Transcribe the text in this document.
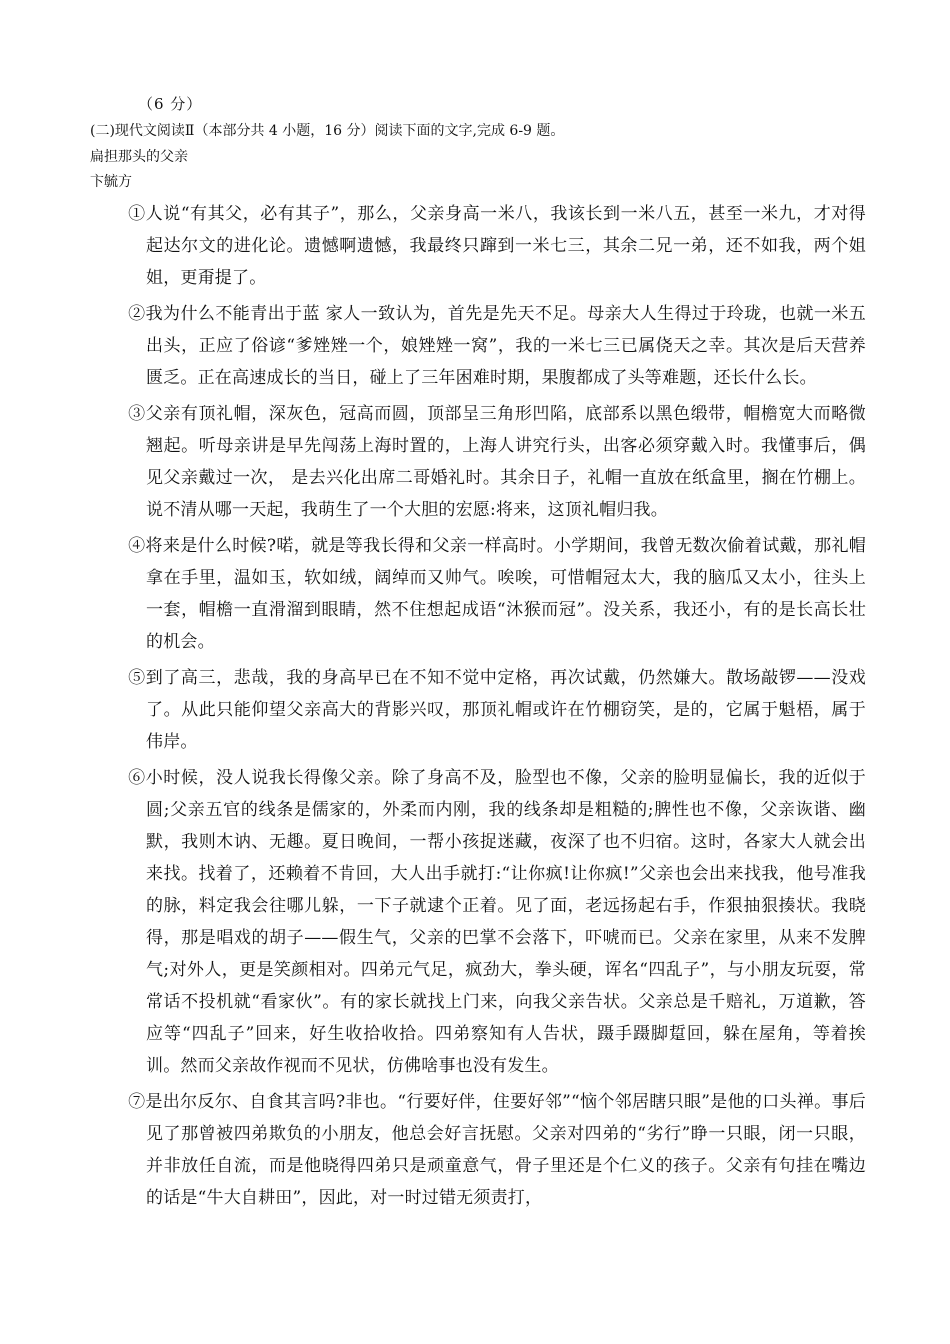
（6 分）
(二)现代文阅读Ⅱ（本部分共 4 小题，16 分）阅读下面的文字,完成 6-9 题。
扁担那头的父亲
卞毓方

①人说“有其父，必有其子”，那么，父亲身高一米八，我该长到一米八五，甚至一米九，才对得起达尔文的进化论。遗憾啊遗憾，我最终只蹿到一米七三，其余二兄一弟，还不如我，两个姐姐，更甭提了。

②我为什么不能青出于蓝 家人一致认为，首先是先天不足。母亲大人生得过于玲珑，也就一米五出头，正应了俗谚“爹矬矬一个，娘矬矬一窝”，我的一米七三已属侥天之幸。其次是后天营养匮乏。正在高速成长的当日，碰上了三年困难时期，果腹都成了头等难题，还长什么长。

③父亲有顶礼帽，深灰色，冠高而圆，顶部呈三角形凹陷，底部系以黑色缎带，帽檐宽大而略微翘起。听母亲讲是早先闯荡上海时置的，上海人讲究行头，出客必须穿戴入时。我懂事后，偶见父亲戴过一次， 是去兴化出席二哥婚礼时。其余日子，礼帽一直放在纸盒里，搁在竹棚上。说不清从哪一天起，我萌生了一个大胆的宏愿:将来，这顶礼帽归我。

④将来是什么时候?喏，就是等我长得和父亲一样高时。小学期间，我曾无数次偷着试戴，那礼帽拿在手里，温如玉，软如绒，阔绰而又帅气。唉唉，可惜帽冠太大，我的脑瓜又太小，往头上一套，帽檐一直滑溜到眼睛，然不住想起成语“沐猴而冠”。没关系，我还小，有的是长高长壮的机会。

⑤到了高三，悲哉，我的身高早已在不知不觉中定格，再次试戴，仍然嫌大。散场敲锣——没戏了。从此只能仰望父亲高大的背影兴叹，那顶礼帽或许在竹棚窃笑，是的，它属于魁梧，属于伟岸。

⑥小时候，没人说我长得像父亲。除了身高不及，脸型也不像，父亲的脸明显偏长，我的近似于圆;父亲五官的线条是儒家的，外柔而内刚，我的线条却是粗糙的;脾性也不像，父亲诙谐、幽默，我则木讷、无趣。夏日晚间，一帮小孩捉迷藏，夜深了也不归宿。这时，各家大人就会出来找。找着了，还赖着不肯回，大人出手就打:“让你疯!让你疯!”父亲也会出来找我，他号准我的脉，料定我会往哪儿躲，一下子就逮个正着。见了面，老远扬起右手，作狠抽狠揍状。我晓得，那是唱戏的胡子——假生气，父亲的巴掌不会落下，吓唬而已。父亲在家里，从来不发脾气;对外人，更是笑颜相对。四弟元气足，疯劲大，拳头硬，诨名“四乱子”，与小朋友玩耍，常常话不投机就“看家伙”。有的家长就找上门来，向我父亲告状。父亲总是千赔礼，万道歉，答应等“四乱子”回来，好生收拾收拾。四弟察知有人告状，蹑手蹑脚踅回，躲在屋角，等着挨训。然而父亲故作视而不见状，仿佛啥事也没有发生。

⑦是出尔反尔、自食其言吗?非也。“行要好伴，住要好邻”“恼个邻居瞎只眼”是他的口头禅。事后见了那曾被四弟欺负的小朋友，他总会好言抚慰。父亲对四弟的“劣行”睁一只眼，闭一只眼，并非放任自流，而是他晓得四弟只是顽童意气，骨子里还是个仁义的孩子。父亲有句挂在嘴边的话是“牛大自耕田”，因此，对一时过错无须责打，
